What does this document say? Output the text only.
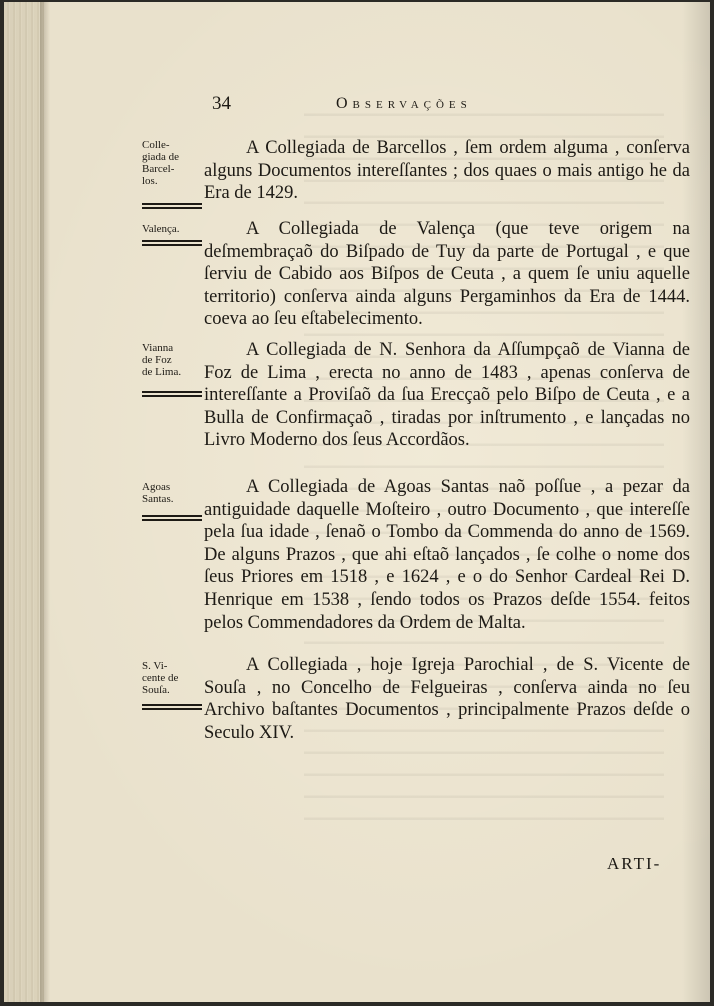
34	Observações
Colle-
giada de
Barcel-
los.
A Collegiada de Barcellos , ſem ordem alguma , conſerva alguns Documentos intereſſantes ; dos quaes o mais antigo he da Era de 1429.
Valença.	A Collegiada de Valença (que teve origem na deſmembraçaõ do Biſpado de Tuy da parte de Portugal , e que ſerviu de Cabido aos Biſpos de Ceuta , a quem ſe uniu aquelle territorio) conſerva ainda alguns Pergaminhos da Era de 1444. coeva ao ſeu eſtabelecimento.
Vianna
de Foz
de Lima.
A Collegiada de N. Senhora da Aſſumpçaõ de Vianna de Foz de Lima , erecta no anno de 1483 , apenas conſerva de intereſſante a Proviſaõ da ſua Erecçaõ pelo Biſpo de Ceuta , e a Bulla de Confirmaçaõ , tiradas por inſtrumento , e lançadas no Livro Moderno dos ſeus Accordãos.
Agoas
Santas.
A Collegiada de Agoas Santas naõ poſſue , a pezar da antiguidade daquelle Moſteiro , outro Documento , que intereſſe pela ſua idade , ſenaõ o Tombo da Commenda do anno de 1569. De alguns Prazos , que ahi eſtaõ lançados , ſe colhe o nome dos ſeus Priores em 1518 , e 1624 , e o do Senhor Cardeal Rei D. Henrique em 1538 , ſendo todos os Prazos deſde 1554. feitos pelos Commendadores da Ordem de Malta.
S. Vi-
cente de
Souſa.
A Collegiada , hoje Igreja Parochial , de S. Vicente de Souſa , no Concelho de Felgueiras , conſerva ainda no ſeu Archivo baſtantes Documentos , principalmente Prazos deſde o Seculo XIV.
ARTI-
